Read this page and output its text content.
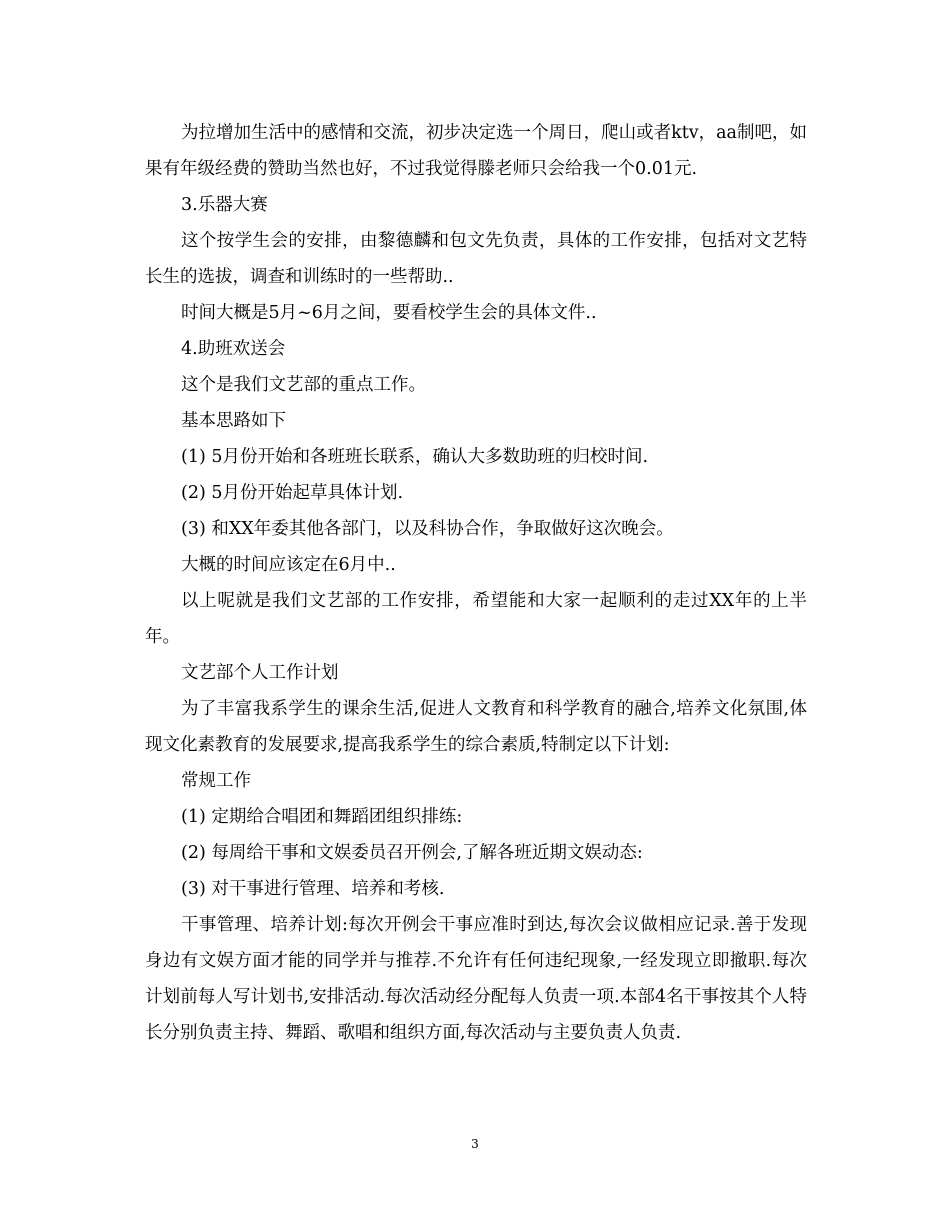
为拉增加生活中的感情和交流，初步决定选一个周日，爬山或者ktv，aa制吧，如果有年级经费的赞助当然也好，不过我觉得滕老师只会给我一个0.01元.

3.乐器大赛

这个按学生会的安排，由黎德麟和包文先负责，具体的工作安排，包括对文艺特长生的选拔，调查和训练时的一些帮助..

时间大概是5月~6月之间，要看校学生会的具体文件..

4.助班欢送会

这个是我们文艺部的重点工作。

基本思路如下

(1) 5月份开始和各班班长联系，确认大多数助班的归校时间.

(2) 5月份开始起草具体计划.

(3) 和XX年委其他各部门，以及科协合作，争取做好这次晚会。

大概的时间应该定在6月中..

以上呢就是我们文艺部的工作安排，希望能和大家一起顺利的走过XX年的上半年。

文艺部个人工作计划

为了丰富我系学生的课余生活,促进人文教育和科学教育的融合,培养文化氛围,体现文化素教育的发展要求,提高我系学生的综合素质,特制定以下计划:

常规工作

(1) 定期给合唱团和舞蹈团组织排练:

(2) 每周给干事和文娱委员召开例会,了解各班近期文娱动态:

(3) 对干事进行管理、培养和考核.

干事管理、培养计划:每次开例会干事应准时到达,每次会议做相应记录.善于发现身边有文娱方面才能的同学并与推荐.不允许有任何违纪现象,一经发现立即撤职.每次计划前每人写计划书,安排活动.每次活动经分配每人负责一项.本部4名干事按其个人特长分别负责主持、舞蹈、歌唱和组织方面,每次活动与主要负责人负责.

3
